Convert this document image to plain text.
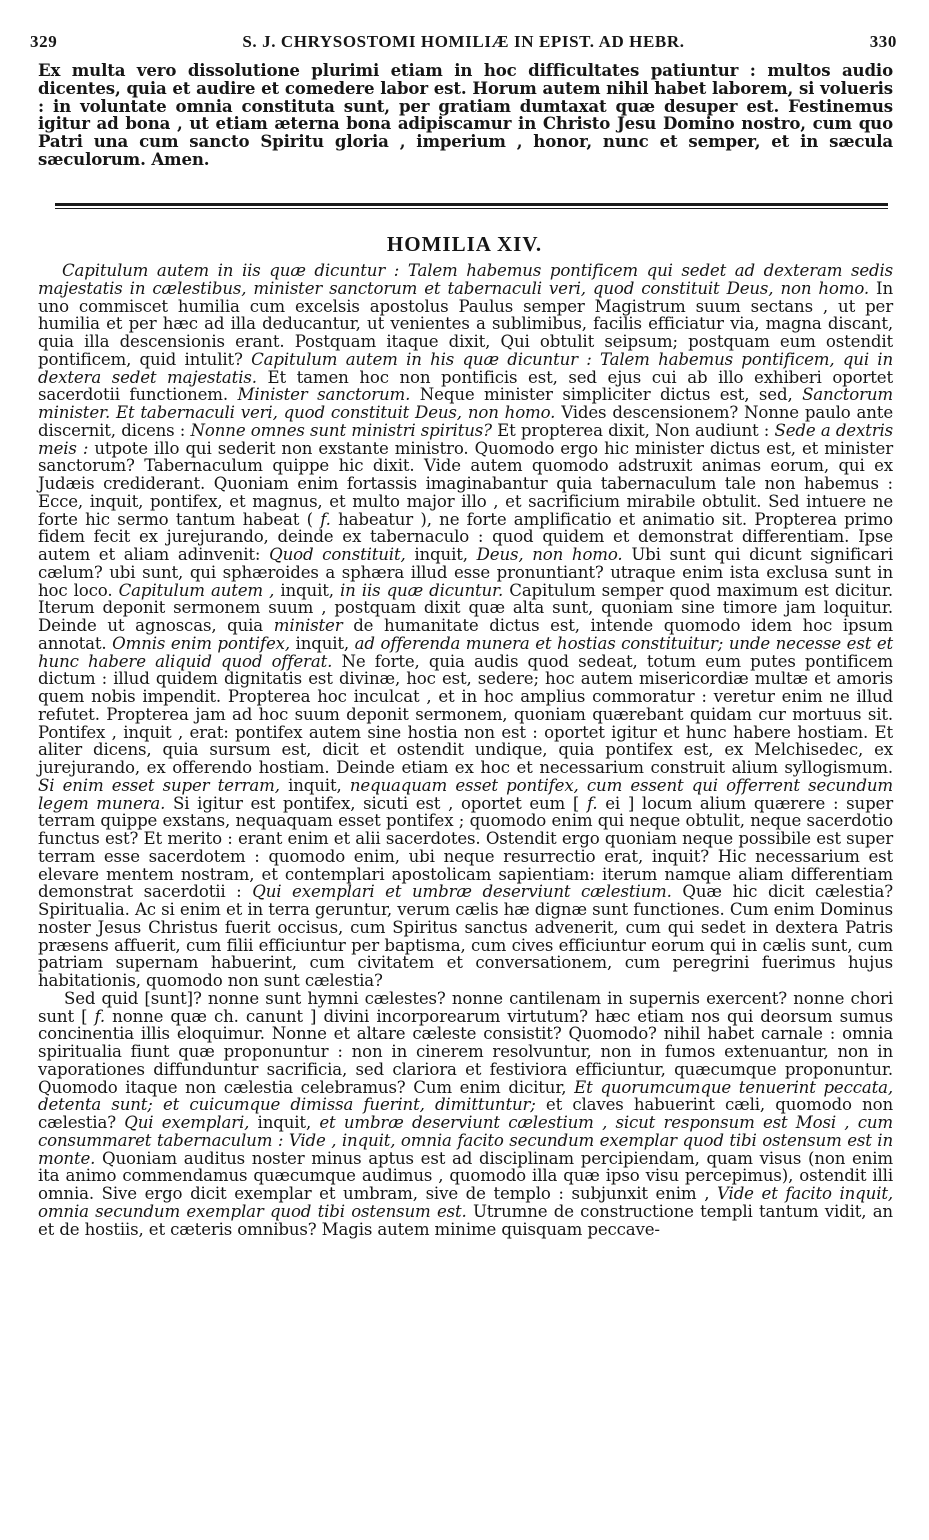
329	S. J. CHRYSOSTOMI HOMILIÆ IN EPIST. AD HEBR.	330

Ex multa vero dissolutione plurimi etiam in hoc difficultates patiuntur : multos audio dicentes, quia et audire et comedere labor est. Horum autem nihil habet laborem, si volueris : in voluntate omnia constituta sunt, per gratiam dumtaxat quæ desuper est. Festinemus igitur ad bona , ut etiam æterna bona adipiscamur in Christo Jesu Domino nostro, cum quo Patri una cum sancto Spiritu gloria , imperium , honor, nunc et semper, et in sæcula sæculorum. Amen.

HOMILIA XIV.

Capitulum autem in iis quæ dicuntur : Talem habemus pontificem qui sedet ad dexteram sedis majestatis in cælestibus, minister sanctorum et tabernaculi veri, quod constituit Deus, non homo. In uno commiscet humilia cum excelsis apostolus Paulus semper Magistrum suum sectans , ut per humilia et per hæc ad illa deducantur, ut venientes a sublimibus, facilis efficiatur via, magna discant, quia illa descensionis erant. Postquam itaque dixit, Qui obtulit seipsum; postquam eum ostendit pontificem, quid intulit? Capitulum autem in his quæ dicuntur : Talem habemus pontificem, qui in dextera sedet majestatis. Et tamen hoc non pontificis est, sed ejus cui ab illo exhiberi oportet sacerdotii functionem. Minister sanctorum. Neque minister simpliciter dictus est, sed, Sanctorum minister. Et tabernaculi veri, quod constituit Deus, non homo. Vides descensionem? Nonne paulo ante discernit, dicens : Nonne omnes sunt ministri spiritus? Et propterea dixit, Non audiunt : Sede a dextris meis : utpote illo qui sederit non exstante ministro. Quomodo ergo hic minister dictus est, et minister sanctorum? Tabernaculum quippe hic dixit. Vide autem quomodo adstruxit animas eorum, qui ex Judæis crediderant. Quoniam enim fortassis imaginabantur quia tabernaculum tale non habemus : Ecce, inquit, pontifex, et magnus, et multo major illo , et sacrificium mirabile obtulit. Sed intuere ne forte hic sermo tantum habeat ( f. habeatur ), ne forte amplificatio et animatio sit. Propterea primo fidem fecit ex jurejurando, deinde ex tabernaculo : quod quidem et demonstrat differentiam. Ipse autem et aliam adinvenit: Quod constituit, inquit, Deus, non homo. Ubi sunt qui dicunt significari cælum? ubi sunt, qui sphæroides a sphæra illud esse pronuntiant? utraque enim ista exclusa sunt in hoc loco. Capitulum autem , inquit, in iis quæ dicuntur. Capitulum semper quod maximum est dicitur. Iterum deponit sermonem suum , postquam dixit quæ alta sunt, quoniam sine timore jam loquitur. Deinde ut agnoscas, quia minister de humanitate dictus est, intende quomodo idem hoc ipsum annotat. Omnis enim pontifex, inquit, ad offerenda munera et hostias constituitur; unde necesse est et hunc habere aliquid quod offerat. Ne forte, quia audis quod sedeat, totum eum putes pontificem dictum : illud quidem dignitatis est divinæ, hoc est, sedere; hoc autem misericordiæ multæ et amoris quem nobis impendit. Propterea hoc inculcat , et in hoc amplius commoratur : veretur enim ne illud refutet. Propterea jam ad hoc suum deponit sermonem, quoniam quærebant quidam cur mortuus sit. Pontifex , inquit , erat: pontifex autem sine hostia non est : oportet igitur et hunc habere hostiam. Et aliter dicens, quia sursum est, dicit et ostendit undique, quia pontifex est, ex Melchisedec, ex jurejurando, ex offerendo hostiam. Deinde etiam ex hoc et necessarium construit alium syllogismum. Si enim esset super terram, inquit, nequaquam esset pontifex, cum essent qui offerrent secundum legem munera. Si igitur est pontifex, sicuti est , oportet eum [ f. ei ] locum alium quærere : super terram quippe exstans, nequaquam esset pontifex ; quomodo enim qui neque obtulit, neque sacerdotio functus est? Et merito : erant enim et alii sacerdotes. Ostendit ergo quoniam neque possibile est super terram esse sacerdotem : quomodo enim, ubi neque resurrectio erat, inquit? Hic necessarium est elevare mentem nostram, et contemplari apostolicam sapientiam: iterum namque aliam differentiam demonstrat sacerdotii : Qui exemplari et umbræ deserviunt cælestium. Quæ hic dicit cælestia? Spiritualia. Ac si enim et in terra geruntur, verum cælis hæ dignæ sunt functiones. Cum enim Dominus noster Jesus Christus fuerit occisus, cum Spiritus sanctus advenerit, cum qui sedet in dextera Patris præsens affuerit, cum filii efficiuntur per baptisma, cum cives efficiuntur eorum qui in cælis sunt, cum patriam supernam habuerint, cum civitatem et conversationem, cum peregrini fuerimus hujus habitationis, quomodo non sunt cælestia?

Sed quid [sunt]? nonne sunt hymni cælestes? nonne cantilenam in supernis exercent? nonne chori sunt [ f. nonne quæ ch. canunt ] divini incorporearum virtutum? hæc etiam nos qui deorsum sumus concinentia illis eloquimur. Nonne et altare cæleste consistit? Quomodo? nihil habet carnale : omnia spiritualia fiunt quæ proponuntur : non in cinerem resolvuntur, non in fumos extenuantur, non in vaporationes diffunduntur sacrificia, sed clariora et festiviora efficiuntur, quæcumque proponuntur. Quomodo itaque non cælestia celebramus? Cum enim dicitur, Et quorumcumque tenuerint peccata, detenta sunt; et cuicumque dimissa fuerint, dimittuntur; et claves habuerint cæli, quomodo non cælestia? Qui exemplari, inquit, et umbræ deserviunt cælestium , sicut responsum est Mosi , cum consummaret tabernaculum : Vide , inquit, omnia facito secundum exemplar quod tibi ostensum est in monte. Quoniam auditus noster minus aptus est ad disciplinam percipiendam, quam visus (non enim ita animo commendamus quæcumque audimus , quomodo illa quæ ipso visu percepimus), ostendit illi omnia. Sive ergo dicit exemplar et umbram, sive de templo : subjunxit enim , Vide et facito inquit, omnia secundum exemplar quod tibi ostensum est. Utrumne de constructione templi tantum vidit, an et de hostiis, et cæteris omnibus? Magis autem minime quisquam peccave-
